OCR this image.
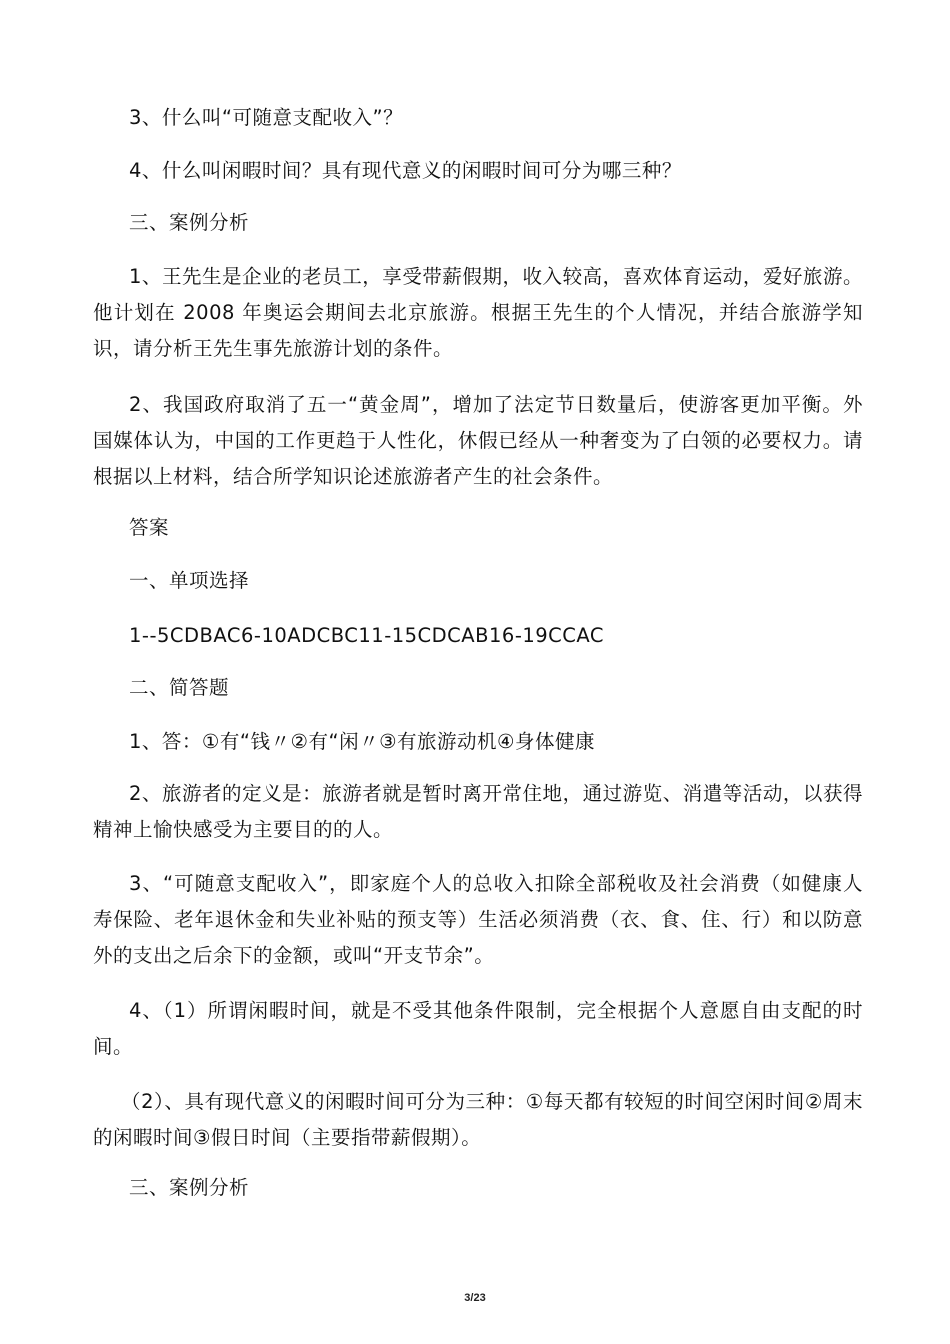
3、什么叫“可随意支配收入”？

4、什么叫闲暇时间？具有现代意义的闲暇时间可分为哪三种？

三、案例分析

1、王先生是企业的老员工，享受带薪假期，收入较高，喜欢体育运动，爱好旅游。他计划在 2008 年奥运会期间去北京旅游。根据王先生的个人情况，并结合旅游学知识，请分析王先生事先旅游计划的条件。

2、我国政府取消了五一“黄金周”，增加了法定节日数量后，使游客更加平衡。外国媒体认为，中国的工作更趋于人性化，休假已经从一种奢变为了白领的必要权力。请根据以上材料，结合所学知识论述旅游者产生的社会条件。

答案

一、单项选择

1--5CDBAC6-10ADCBC11-15CDCAB16-19CCAC

二、简答题

1、答：①有“钱〃②有“闲〃③有旅游动机④身体健康

2、旅游者的定义是：旅游者就是暂时离开常住地，通过游览、消遣等活动，以获得精神上愉快感受为主要目的的人。

3、“可随意支配收入”，即家庭个人的总收入扣除全部税收及社会消费（如健康人寿保险、老年退休金和失业补贴的预支等）生活必须消费（衣、食、住、行）和以防意外的支出之后余下的金额，或叫“开支节余”。

4、（1）所谓闲暇时间，就是不受其他条件限制，完全根据个人意愿自由支配的时间。

（2）、具有现代意义的闲暇时间可分为三种：①每天都有较短的时间空闲时间②周末的闲暇时间③假日时间（主要指带薪假期）。

三、案例分析

3/23
